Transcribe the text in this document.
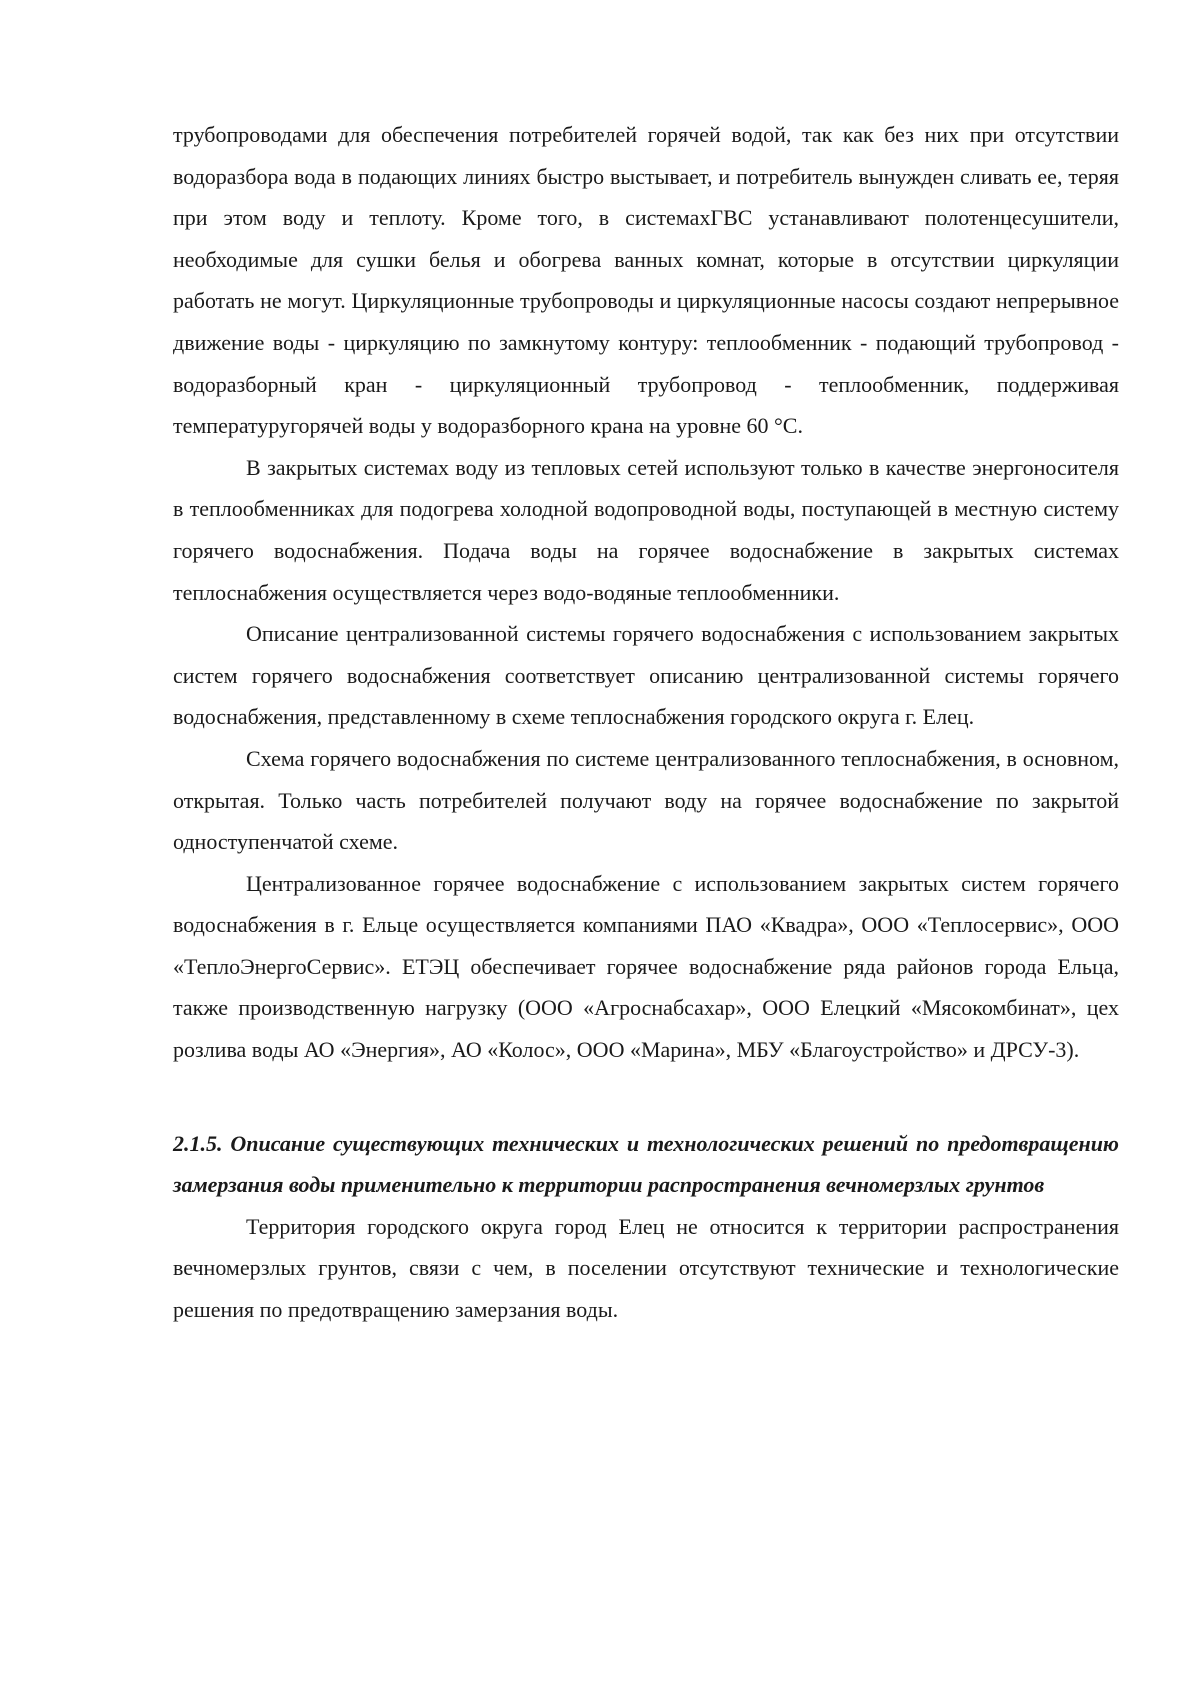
трубопроводами для обеспечения потребителей горячей водой, так как без них при отсутствии водоразбора вода в подающих линиях быстро выстывает, и потребитель вынужден сливать ее, теряя при этом воду и теплоту. Кроме того, в системахГВС устанавливают полотенцесушители, необходимые для сушки белья и обогрева ванных комнат, которые в отсутствии циркуляции работать не могут. Циркуляционные трубопроводы и циркуляционные насосы создают непрерывное движение воды - циркуляцию по замкнутому контуру: теплообменник - подающий трубопровод - водоразборный кран - циркуляционный трубопровод - теплообменник, поддерживая температуругорячей воды у водоразборного крана на уровне 60 °С.

В закрытых системах воду из тепловых сетей используют только в качестве энергоносителя в теплообменниках для подогрева холодной водопроводной воды, поступающей в местную систему горячего водоснабжения. Подача воды на горячее водоснабжение в закрытых системах теплоснабжения осуществляется через водо-водяные теплообменники.

Описание централизованной системы горячего водоснабжения с использованием закрытых систем горячего водоснабжения соответствует описанию централизованной системы горячего водоснабжения, представленному в схеме теплоснабжения городского округа г. Елец.

Схема горячего водоснабжения по системе централизованного теплоснабжения, в основном, открытая. Только часть потребителей получают воду на горячее водоснабжение по закрытой одноступенчатой схеме.

Централизованное горячее водоснабжение с использованием закрытых систем горячего водоснабжения в г. Ельце осуществляется компаниями ПАО «Квадра», ООО «Теплосервис», ООО «ТеплоЭнергоСервис». ЕТЭЦ обеспечивает горячее водоснабжение ряда районов города Ельца, также производственную нагрузку (ООО «Агроснабсахар», ООО Елецкий «Мясокомбинат», цех розлива воды АО «Энергия», АО «Колос», ООО «Марина», МБУ «Благоустройство» и ДРСУ-3).

2.1.5. Описание существующих технических и технологических решений по предотвращению замерзания воды применительно к территории распространения вечномерзлых грунтов

Территория городского округа город Елец не относится к территории распространения вечномерзлых грунтов, связи с чем, в поселении отсутствуют технические и технологические решения по предотвращению замерзания воды.
